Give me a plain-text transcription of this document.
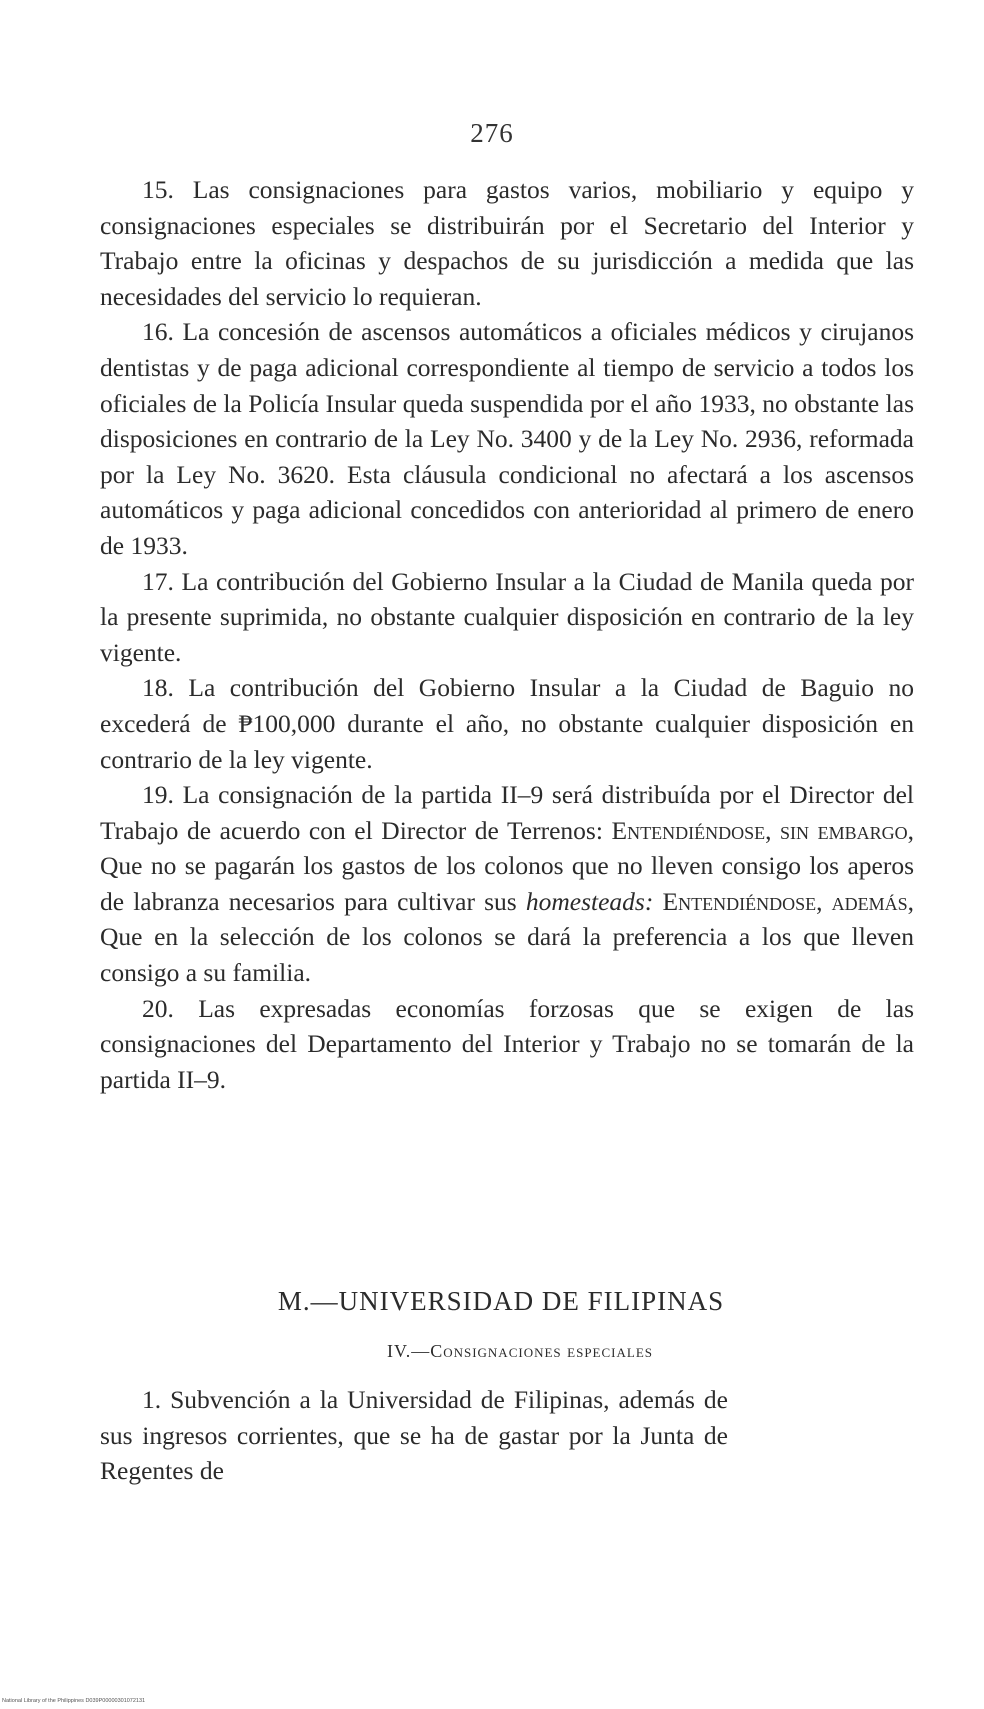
276

15. Las consignaciones para gastos varios, mobiliario y equipo y consignaciones especiales se distribuirán por el Secretario del Interior y Trabajo entre la oficinas y despachos de su jurisdicción a medida que las necesidades del servicio lo requieran.

16. La concesión de ascensos automáticos a oficiales médicos y cirujanos dentistas y de paga adicional correspondiente al tiempo de servicio a todos los oficiales de la Policía Insular queda suspendida por el año 1933, no obstante las disposiciones en contrario de la Ley No. 3400 y de la Ley No. 2936, reformada por la Ley No. 3620. Esta cláusula condicional no afectará a los ascensos automáticos y paga adicional concedidos con anterioridad al primero de enero de 1933.

17. La contribución del Gobierno Insular a la Ciudad de Manila queda por la presente suprimida, no obstante cualquier disposición en contrario de la ley vigente.

18. La contribución del Gobierno Insular a la Ciudad de Baguio no excederá de ₱100,000 durante el año, no obstante cualquier disposición en contrario de la ley vigente.

19. La consignación de la partida II–9 será distribuída por el Director del Trabajo de acuerdo con el Director de Terrenos: Entendiéndose, sin embargo, Que no se pagarán los gastos de los colonos que no lleven consigo los aperos de labranza necesarios para cultivar sus homesteads: Entendiéndose, además, Que en la selección de los colonos se dará la preferencia a los que lleven consigo a su familia.

20. Las expresadas economías forzosas que se exigen de las consignaciones del Departamento del Interior y Trabajo no se tomarán de la partida II–9.

M.—UNIVERSIDAD DE FILIPINAS
IV.—Consignaciones especiales

1. Subvención a la Universidad de Filipinas, además de sus ingresos corrientes, que se ha de gastar por la Junta de Regentes de

National Library of the Philippines D039P00000301072131
